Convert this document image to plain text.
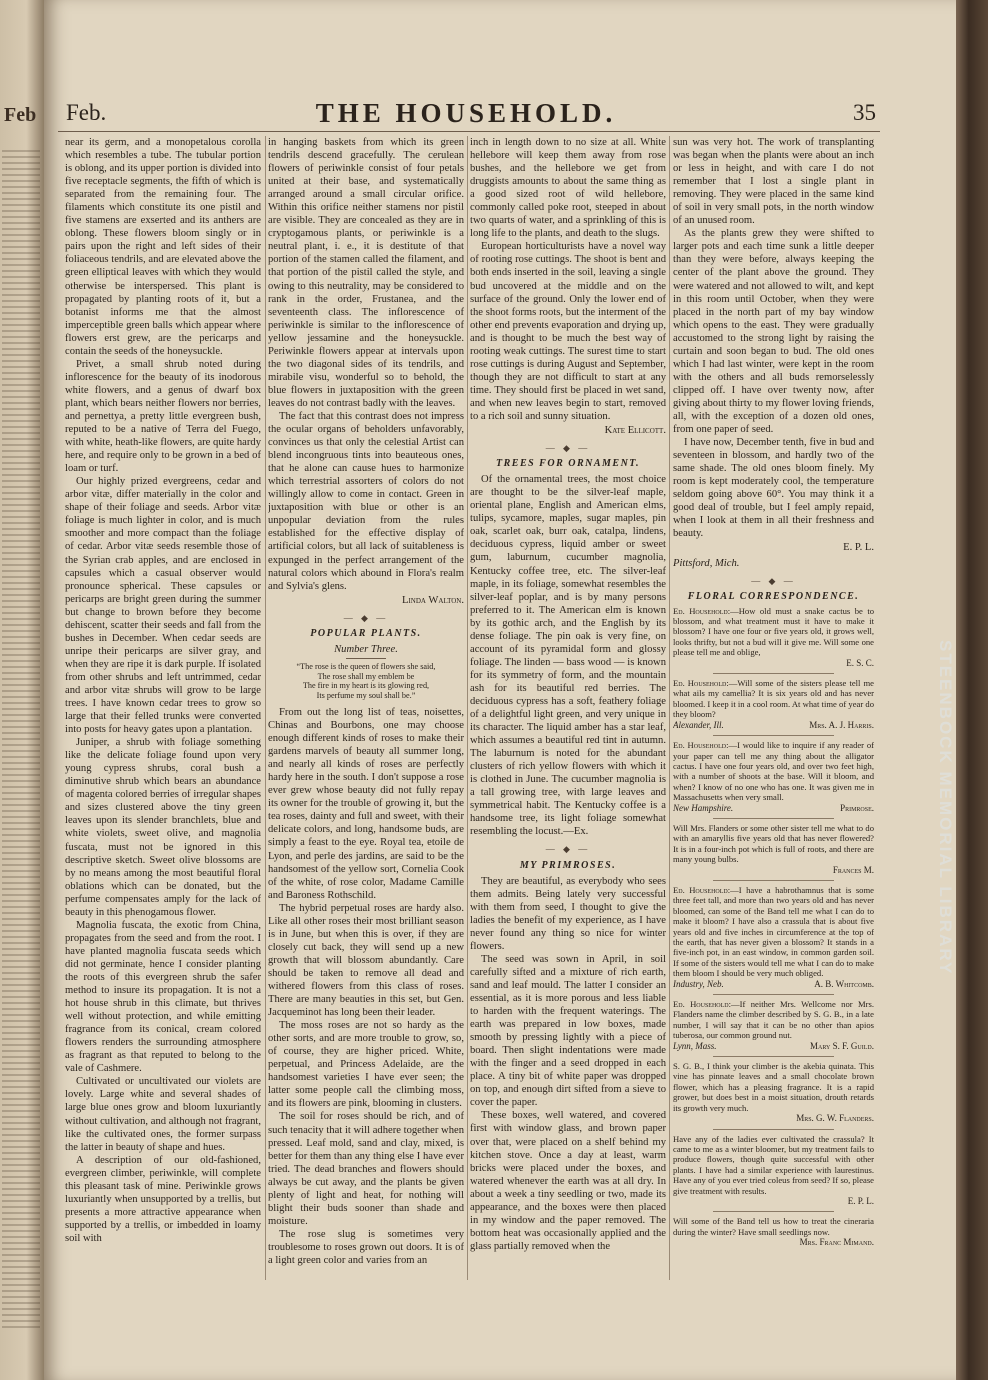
Feb
STEENBOCK MEMORIAL LIBRARY
Feb.	THE HOUSEHOLD.	35

near its germ, and a monopetalous corolla which resembles a tube. The tubular portion is oblong, and its upper portion is divided into five receptacle segments, the fifth of which is separated from the remaining four. The filaments which constitute its one pistil and five stamens are exserted and its anthers are oblong. These flowers bloom singly or in pairs upon the right and left sides of their foliaceous tendrils, and are elevated above the green elliptical leaves with which they would otherwise be interspersed. This plant is propagated by planting roots of it, but a botanist informs me that the almost imperceptible green balls which appear where flowers erst grew, are the pericarps and contain the seeds of the honeysuckle.

Privet, a small shrub noted during inflorescence for the beauty of its inodorous white flowers, and a genus of dwarf box plant, which bears neither flowers nor berries, and pernettya, a pretty little evergreen bush, reputed to be a native of Terra del Fuego, with white, heath-like flowers, are quite hardy here, and require only to be grown in a bed of loam or turf.

Our highly prized evergreens, cedar and arbor vitæ, differ materially in the color and shape of their foliage and seeds. Arbor vitæ foliage is much lighter in color, and is much smoother and more compact than the foliage of cedar. Arbor vitæ seeds resemble those of the Syrian crab apples, and are enclosed in capsules which a casual observer would pronounce spherical. These capsules or pericarps are bright green during the summer but change to brown before they become dehiscent, scatter their seeds and fall from the bushes in December. When cedar seeds are unripe their pericarps are silver gray, and when they are ripe it is dark purple. If isolated from other shrubs and left untrimmed, cedar and arbor vitæ shrubs will grow to be large trees. I have known cedar trees to grow so large that their felled trunks were converted into posts for heavy gates upon a plantation.

Juniper, a shrub with foliage something like the delicate foliage found upon very young cypress shrubs, coral bush a diminutive shrub which bears an abundance of magenta colored berries of irregular shapes and sizes clustered above the tiny green leaves upon its slender branchlets, blue and white violets, sweet olive, and magnolia fuscata, must not be ignored in this descriptive sketch. Sweet olive blossoms are by no means among the most beautiful floral oblations which can be donated, but the perfume compensates amply for the lack of beauty in this phenogamous flower.

Magnolia fuscata, the exotic from China, propagates from the seed and from the root. I have planted magnolia fuscata seeds which did not germinate, hence I consider planting the roots of this evergreen shrub the safer method to insure its propagation. It is not a hot house shrub in this climate, but thrives well without protection, and while emitting fragrance from its conical, cream colored flowers renders the surrounding atmosphere as fragrant as that reputed to belong to the vale of Cashmere.

Cultivated or uncultivated our violets are lovely. Large white and several shades of large blue ones grow and bloom luxuriantly without cultivation, and although not fragrant, like the cultivated ones, the former surpass the latter in beauty of shape and hues.

A description of our old-fashioned, evergreen climber, periwinkle, will complete this pleasant task of mine. Periwinkle grows luxuriantly when unsupported by a trellis, but presents a more attractive appearance when supported by a trellis, or imbedded in loamy soil with

in hanging baskets from which its green tendrils descend gracefully. The cerulean flowers of periwinkle consist of four petals united at their base, and systematically arranged around a small circular orifice. Within this orifice neither stamens nor pistil are visible. They are concealed as they are in cryptogamous plants, or periwinkle is a neutral plant, i. e., it is destitute of that portion of the stamen called the filament, and that portion of the pistil called the style, and owing to this neutrality, may be considered to rank in the order, Frustanea, and the seventeenth class. The inflorescence of periwinkle is similar to the inflorescence of yellow jessamine and the honeysuckle. Periwinkle flowers appear at intervals upon the two diagonal sides of its tendrils, and mirabile visu, wonderful so to behold, the blue flowers in juxtaposition with the green leaves do not contrast badly with the leaves.

The fact that this contrast does not impress the ocular organs of beholders unfavorably, convinces us that only the celestial Artist can blend incongruous tints into beauteous ones, that he alone can cause hues to harmonize which terrestrial assorters of colors do not willingly allow to come in contact. Green in juxtaposition with blue or other is an unpopular deviation from the rules established for the effective display of artificial colors, but all lack of suitableness is expunged in the perfect arrangement of the natural colors which abound in Flora's realm and Sylvia's glens.

Linda Walton.
— ◆ —
POPULAR PLANTS.
Number Three.
“The rose is the queen of flowers she said,
The rose shall my emblem be
The fire in my heart is its glowing red,
Its perfume my soul shall be.”

From out the long list of teas, noisettes, Chinas and Bourbons, one may choose enough different kinds of roses to make their gardens marvels of beauty all summer long, and nearly all kinds of roses are perfectly hardy here in the south. I don't suppose a rose ever grew whose beauty did not fully repay its owner for the trouble of growing it, but the tea roses, dainty and full and sweet, with their delicate colors, and long, handsome buds, are simply a feast to the eye. Royal tea, etoile de Lyon, and perle des jardins, are said to be the handsomest of the yellow sort, Cornelia Cook of the white, of rose color, Madame Camille and Baroness Rothschild.

The hybrid perpetual roses are hardy also. Like all other roses their most brilliant season is in June, but when this is over, if they are closely cut back, they will send up a new growth that will blossom abundantly. Care should be taken to remove all dead and withered flowers from this class of roses. There are many beauties in this set, but Gen. Jacqueminot has long been their leader.

The moss roses are not so hardy as the other sorts, and are more trouble to grow, so, of course, they are higher priced. White, perpetual, and Princess Adelaide, are the handsomest varieties I have ever seen; the latter some people call the climbing moss, and its flowers are pink, blooming in clusters.

The soil for roses should be rich, and of such tenacity that it will adhere together when pressed. Leaf mold, sand and clay, mixed, is better for them than any thing else I have ever tried. The dead branches and flowers should always be cut away, and the plants be given plenty of light and heat, for nothing will blight their buds sooner than shade and moisture.

The rose slug is sometimes very troublesome to roses grown out doors. It is of a light green color and varies from an

inch in length down to no size at all. White hellebore will keep them away from rose bushes, and the hellebore we get from druggists amounts to about the same thing as a good sized root of wild hellebore, commonly called poke root, steeped in about two quarts of water, and a sprinkling of this is long life to the plants, and death to the slugs.

European horticulturists have a novel way of rooting rose cuttings. The shoot is bent and both ends inserted in the soil, leaving a single bud uncovered at the middle and on the surface of the ground. Only the lower end of the shoot forms roots, but the interment of the other end prevents evaporation and drying up, and is thought to be much the best way of rooting weak cuttings. The surest time to start rose cuttings is during August and September, though they are not difficult to start at any time. They should first be placed in wet sand, and when new leaves begin to start, removed to a rich soil and sunny situation.

Kate Ellicott.
— ◆ —
TREES FOR ORNAMENT.

Of the ornamental trees, the most choice are thought to be the silver-leaf maple, oriental plane, English and American elms, tulips, sycamore, maples, sugar maples, pin oak, scarlet oak, burr oak, catalpa, lindens, deciduous cypress, liquid amber or sweet gum, laburnum, cucumber magnolia, Kentucky coffee tree, etc. The silver-leaf maple, in its foliage, somewhat resembles the silver-leaf poplar, and is by many persons preferred to it. The American elm is known by its gothic arch, and the English by its dense foliage. The pin oak is very fine, on account of its pyramidal form and glossy foliage. The linden — bass wood — is known for its symmetry of form, and the mountain ash for its beautiful red berries. The deciduous cypress has a soft, feathery foliage of a delightful light green, and very unique in its character. The liquid amber has a star leaf, which assumes a beautiful red tint in autumn. The laburnum is noted for the abundant clusters of rich yellow flowers with which it is clothed in June. The cucumber magnolia is a tall growing tree, with large leaves and symmetrical habit. The Kentucky coffee is a handsome tree, its light foliage somewhat resembling the locust.—Ex.

— ◆ —
MY PRIMROSES.

They are beautiful, as everybody who sees them admits. Being lately very successful with them from seed, I thought to give the ladies the benefit of my experience, as I have never found any thing so nice for winter flowers.

The seed was sown in April, in soil carefully sifted and a mixture of rich earth, sand and leaf mould. The latter I consider an essential, as it is more porous and less liable to harden with the frequent waterings. The earth was prepared in low boxes, made smooth by pressing lightly with a piece of board. Then slight indentations were made with the finger and a seed dropped in each place. A tiny bit of white paper was dropped on top, and enough dirt sifted from a sieve to cover the paper.

These boxes, well watered, and covered first with window glass, and brown paper over that, were placed on a shelf behind my kitchen stove. Once a day at least, warm bricks were placed under the boxes, and watered whenever the earth was at all dry. In about a week a tiny seedling or two, made its appearance, and the boxes were then placed in my window and the paper removed. The bottom heat was occasionally applied and the glass partially removed when the

sun was very hot. The work of transplanting was began when the plants were about an inch or less in height, and with care I do not remember that I lost a single plant in removing. They were placed in the same kind of soil in very small pots, in the north window of an unused room.

As the plants grew they were shifted to larger pots and each time sunk a little deeper than they were before, always keeping the center of the plant above the ground. They were watered and not allowed to wilt, and kept in this room until October, when they were placed in the north part of my bay window which opens to the east. They were gradually accustomed to the strong light by raising the curtain and soon began to bud. The old ones which I had last winter, were kept in the room with the others and all buds remorselessly clipped off. I have over twenty now, after giving about thirty to my flower loving friends, all, with the exception of a dozen old ones, from one paper of seed.

I have now, December tenth, five in bud and seventeen in blossom, and hardly two of the same shade. The old ones bloom finely. My room is kept moderately cool, the temperature seldom going above 60°. You may think it a good deal of trouble, but I feel amply repaid, when I look at them in all their freshness and beauty.

E. P. L.
Pittsford, Mich.
— ◆ —
FLORAL CORRESPONDENCE.

Ed. Household:—How old must a snake cactus be to blossom, and what treatment must it have to make it blossom? I have one four or five years old, it grows well, looks thrifty, but not a bud will it give me. Will some one please tell me and oblige,

E. S. C.

Ed. Household:—Will some of the sisters please tell me what ails my camellia? It is six years old and has never bloomed. I keep it in a cool room. At what time of year do they bloom?

Alexander, Ill.	Mrs. A. J. Harris.

Ed. Household:—I would like to inquire if any reader of your paper can tell me any thing about the alligator cactus. I have one four years old, and over two feet high, with a number of shoots at the base. Will it bloom, and when? I know of no one who has one. It was given me in Massachusetts when very small.

New Hampshire.	Primrose.

Will Mrs. Flanders or some other sister tell me what to do with an amaryllis five years old that has never flowered? It is in a four-inch pot which is full of roots, and there are many young bulbs.

Frances M.

Ed. Household:—I have a habrothamnus that is some three feet tall, and more than two years old and has never bloomed, can some of the Band tell me what I can do to make it bloom? I have also a crassula that is about five years old and five inches in circumference at the top of the earth, that has never given a blossom? It stands in a five-inch pot, in an east window, in common garden soil. If some of the sisters would tell me what I can do to make them bloom I should be very much obliged.

Industry, Neb.	A. B. Whitcomb.

Ed. Household:—If neither Mrs. Wellcome nor Mrs. Flanders name the climber described by S. G. B., in a late number, I will say that it can be no other than apios tuberosa, our common ground nut.

Lynn, Mass.	Mary S. F. Guild.

S. G. B., I think your climber is the akebia quinata. This vine has pinnate leaves and a small chocolate brown flower, which has a pleasing fragrance. It is a rapid grower, but does best in a moist situation, drouth retards its growth very much.

Mrs. G. W. Flanders.

Have any of the ladies ever cultivated the crassula? It came to me as a winter bloomer, but my treatment fails to produce flowers, though quite successful with other plants. I have had a similar experience with laurestinus. Have any of you ever tried coleus from seed? If so, please give treatment with results.

E. P. L.

Will some of the Band tell us how to treat the cineraria during the winter? Have small seedlings now.

Mrs. Franc Mimand.
